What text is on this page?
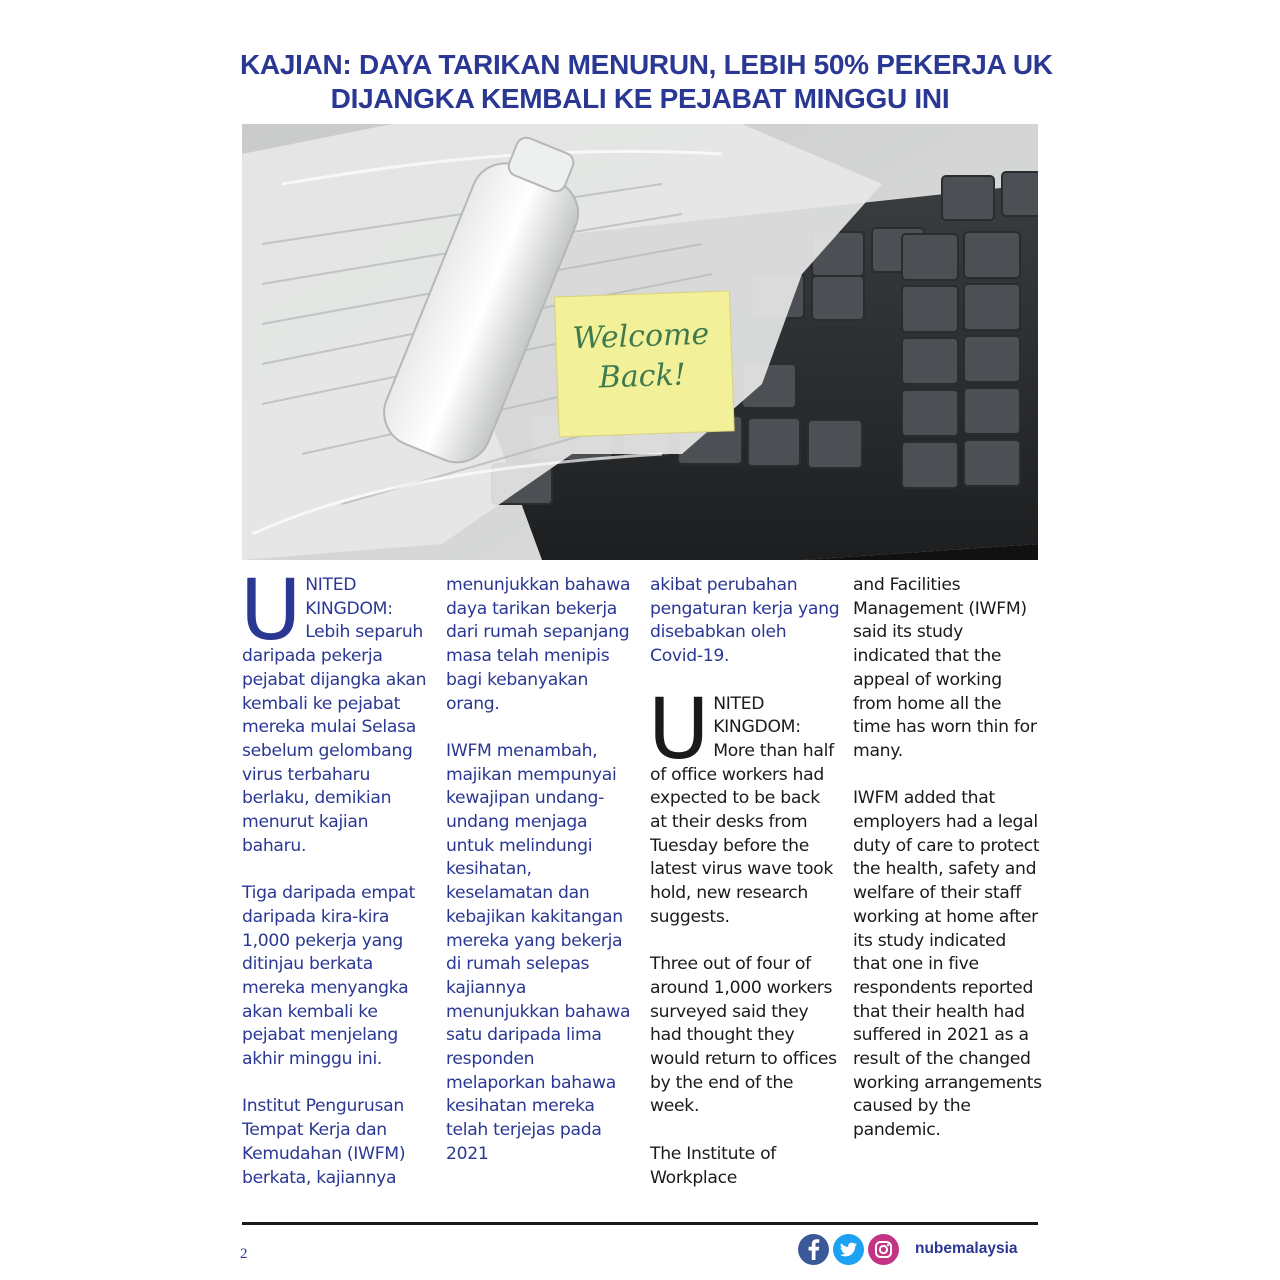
KAJIAN: DAYA TARIKAN MENURUN, LEBIH 50% PEKERJA UK
DIJANGKA KEMBALI KE PEJABAT MINGGU INI
Welcome
Back!

UNITED KINGDOM: Lebih separuh daripada pekerja pejabat dijangka akan kembali ke pejabat mereka mulai Selasa sebelum gelombang virus terbaharu berlaku, demikian menurut kajian baharu.

Tiga daripada empat daripada kira-kira 1,000 pekerja yang ditinjau berkata mereka menyangka akan kembali ke pejabat menjelang akhir minggu ini.

Institut Pengurusan Tempat Kerja dan Kemudahan (IWFM) berkata, kajiannya

menunjukkan bahawa daya tarikan bekerja dari rumah sepanjang masa telah menipis bagi kebanyakan orang.

IWFM menambah, majikan mempunyai kewajipan undang-undang menjaga untuk melindungi kesihatan, keselamatan dan kebajikan kakitangan mereka yang bekerja di rumah selepas kajiannya menunjukkan bahawa satu daripada lima responden melaporkan bahawa kesihatan mereka telah terjejas pada 2021

akibat perubahan pengaturan kerja yang disebabkan oleh Covid-19.

UNITED KINGDOM: More than half of office workers had expected to be back at their desks from Tuesday before the latest virus wave took hold, new research suggests.

Three out of four of around 1,000 workers surveyed said they had thought they would return to offices by the end of the week.

The Institute of Workplace

and Facilities Management (IWFM) said its study indicated that the appeal of working from home all the time has worn thin for many.

IWFM added that employers had a legal duty of care to protect the health, safety and welfare of their staff working at home after its study indicated that one in five respondents reported that their health had suffered in 2021 as a result of the changed working arrangements caused by the pandemic.

2	nubemalaysia
